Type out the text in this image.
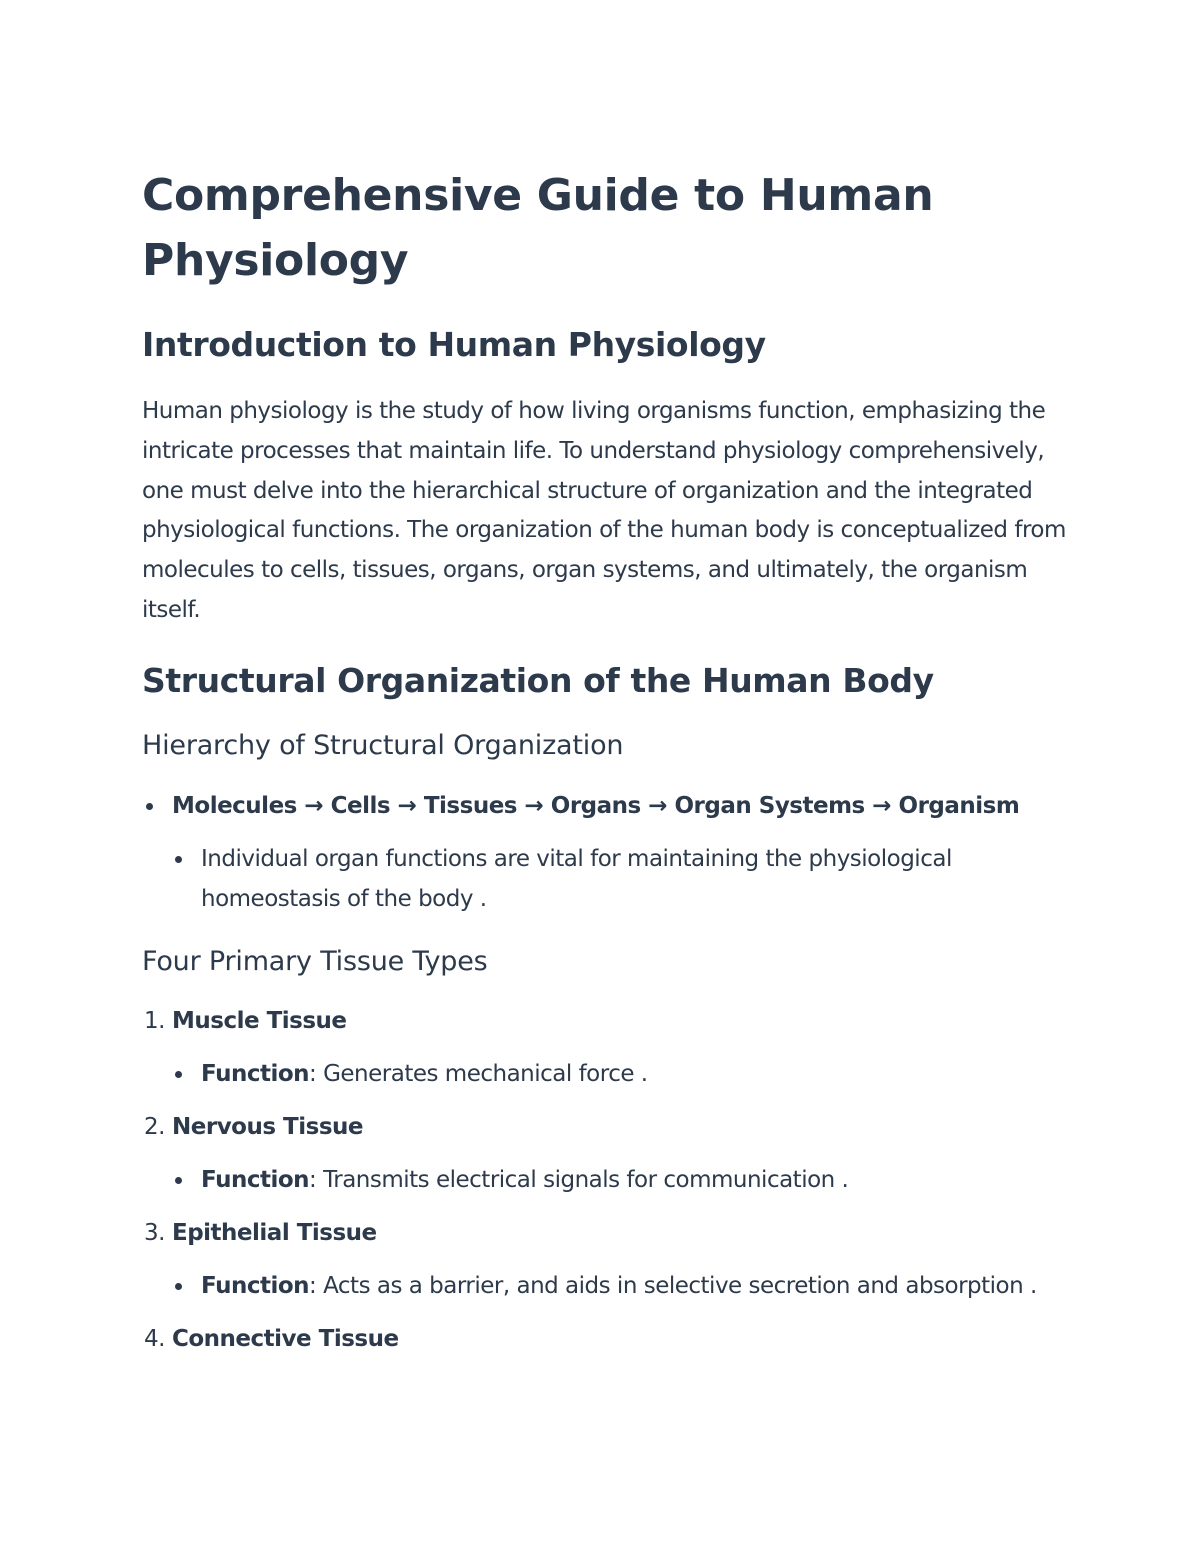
Comprehensive Guide to Human Physiology
Introduction to Human Physiology

Human physiology is the study of how living organisms function, emphasizing the intricate processes that maintain life. To understand physiology comprehensively, one must delve into the hierarchical structure of organization and the integrated physiological functions. The organization of the human body is conceptualized from molecules to cells, tissues, organs, organ systems, and ultimately, the organism itself.

Structural Organization of the Human Body
Hierarchy of Structural Organization
Molecules → Cells → Tissues → Organs → Organ Systems → Organism
Individual organ functions are vital for maintaining the physiological homeostasis of the body .
Four Primary Tissue Types
1. Muscle Tissue
Function: Generates mechanical force .
2. Nervous Tissue
Function: Transmits electrical signals for communication .
3. Epithelial Tissue
Function: Acts as a barrier, and aids in selective secretion and absorption .
4. Connective Tissue
